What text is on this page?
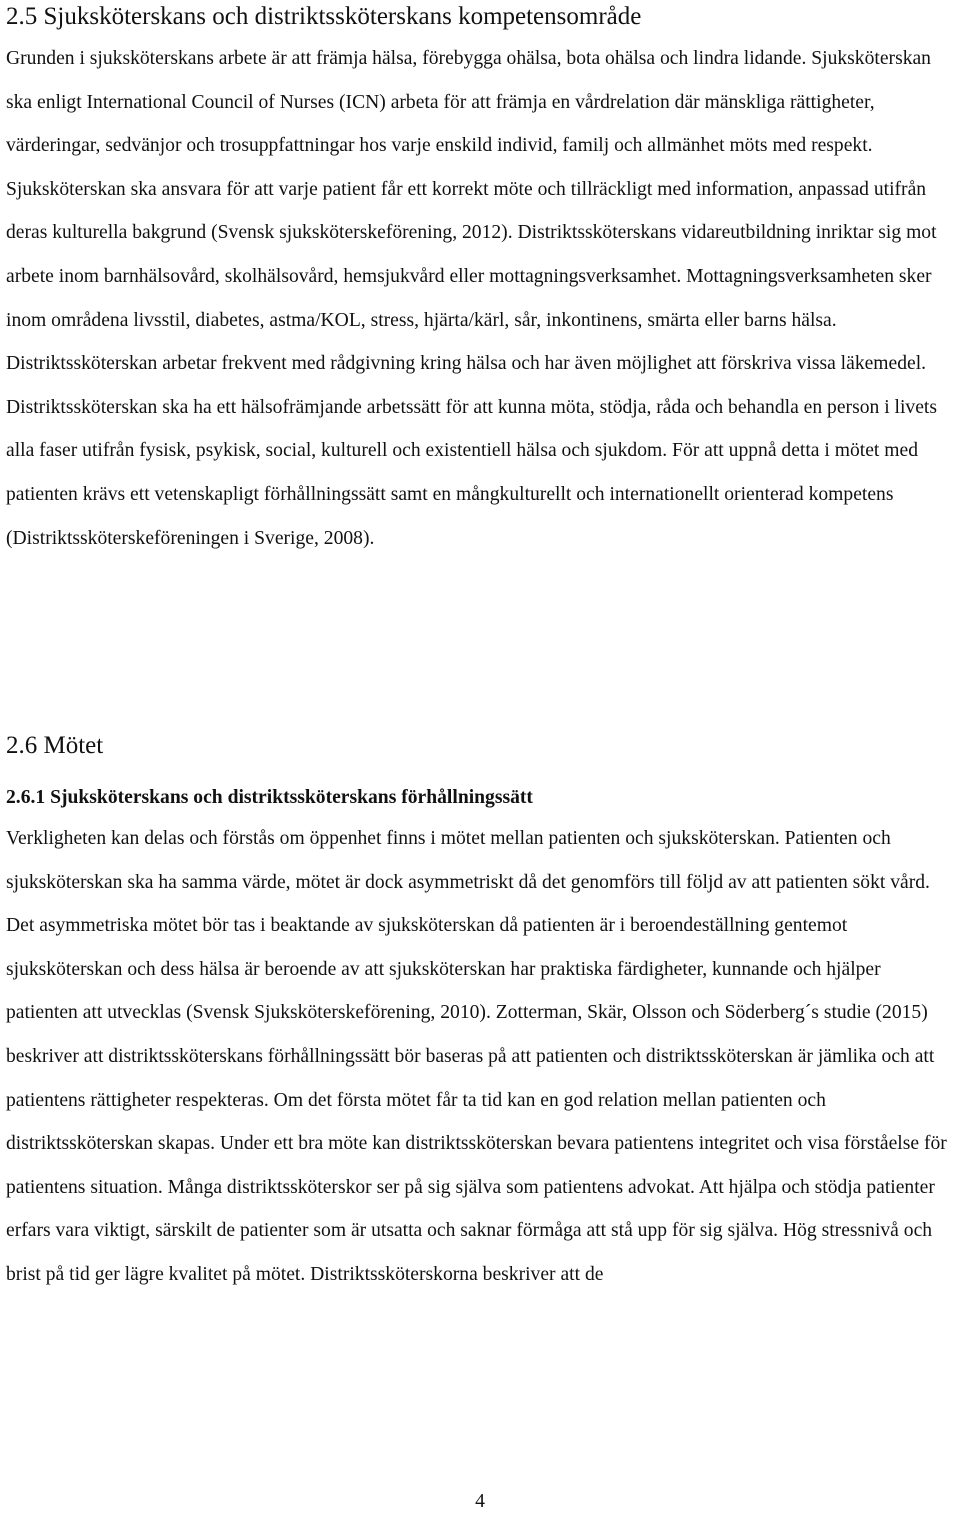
2.5 Sjuksköterskans och distriktssköterskans kompetensområde

Grunden i sjuksköterskans arbete är att främja hälsa, förebygga ohälsa, bota ohälsa och lindra lidande. Sjuksköterskan ska enligt International Council of Nurses (ICN) arbeta för att främja en vårdrelation där mänskliga rättigheter, värderingar, sedvänjor och trosuppfattningar hos varje enskild individ, familj och allmänhet möts med respekt. Sjuksköterskan ska ansvara för att varje patient får ett korrekt möte och tillräckligt med information, anpassad utifrån deras kulturella bakgrund (Svensk sjuksköterskeförening, 2012). Distriktssköterskans vidareutbildning inriktar sig mot arbete inom barnhälsovård, skolhälsovård, hemsjukvård eller mottagningsverksamhet. Mottagningsverksamheten sker inom områdena livsstil, diabetes, astma/KOL, stress, hjärta/kärl, sår, inkontinens, smärta eller barns hälsa. Distriktssköterskan arbetar frekvent med rådgivning kring hälsa och har även möjlighet att förskriva vissa läkemedel. Distriktssköterskan ska ha ett hälsofrämjande arbetssätt för att kunna möta, stödja, råda och behandla en person i livets alla faser utifrån fysisk, psykisk, social, kulturell och existentiell hälsa och sjukdom. För att uppnå detta i mötet med patienten krävs ett vetenskapligt förhållningssätt samt en mångkulturellt och internationellt orienterad kompetens (Distriktssköterskeföreningen i Sverige, 2008).

2.6 Mötet
2.6.1 Sjuksköterskans och distriktssköterskans förhållningssätt

Verkligheten kan delas och förstås om öppenhet finns i mötet mellan patienten och sjuksköterskan. Patienten och sjuksköterskan ska ha samma värde, mötet är dock asymmetriskt då det genomförs till följd av att patienten sökt vård. Det asymmetriska mötet bör tas i beaktande av sjuksköterskan då patienten är i beroendeställning gentemot sjuksköterskan och dess hälsa är beroende av att sjuksköterskan har praktiska färdigheter, kunnande och hjälper patienten att utvecklas (Svensk Sjuksköterskeförening, 2010). Zotterman, Skär, Olsson och Söderberg´s studie (2015) beskriver att distriktssköterskans förhållningssätt bör baseras på att patienten och distriktssköterskan är jämlika och att patientens rättigheter respekteras. Om det första mötet får ta tid kan en god relation mellan patienten och distriktssköterskan skapas. Under ett bra möte kan distriktssköterskan bevara patientens integritet och visa förståelse för patientens situation. Många distriktssköterskor ser på sig själva som patientens advokat. Att hjälpa och stödja patienter erfars vara viktigt, särskilt de patienter som är utsatta och saknar förmåga att stå upp för sig själva. Hög stressnivå och brist på tid ger lägre kvalitet på mötet. Distriktssköterskorna beskriver att de

4
